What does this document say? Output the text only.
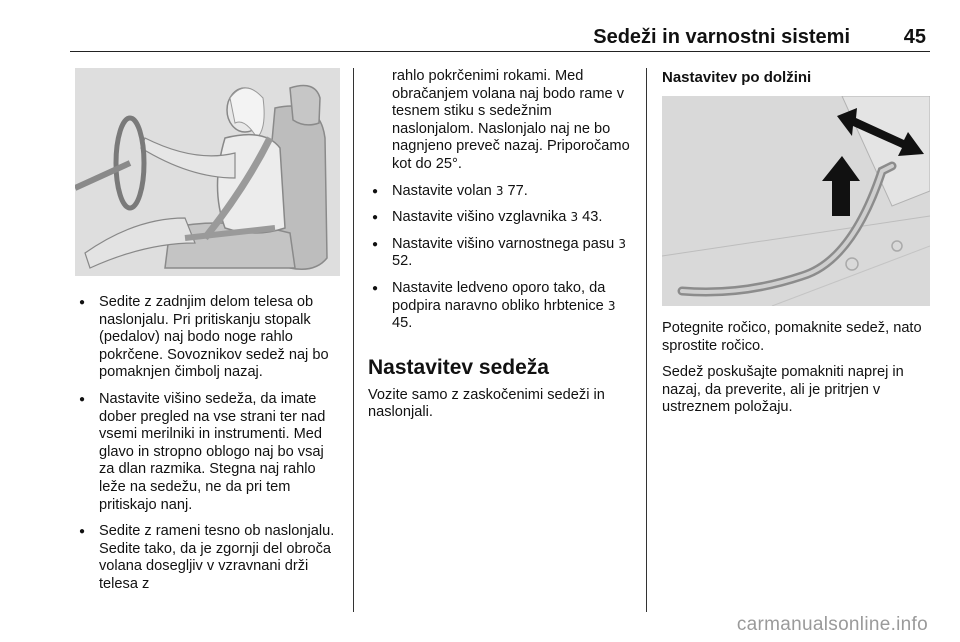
Sedeži in varnostni sistemi	45
● Sedite z zadnjim delom telesa ob naslonjalu. Pri pritiskanju stopalk (pedalov) naj bodo noge rahlo pokrčene. Sovoznikov sedež naj bo pomaknjen čimbolj nazaj.
● Nastavite višino sedeža, da imate dober pregled na vse strani ter nad vsemi merilniki in instrumenti. Med glavo in stropno oblogo naj bo vsaj za dlan razmika. Stegna naj rahlo leže na sedežu, ne da pri tem pritiskajo nanj.
● Sedite z rameni tesno ob naslonjalu. Sedite tako, da je zgornji del obroča volana dosegljiv v vzravnani drži telesa z
rahlo pokrčenimi rokami. Med obračanjem volana naj bodo rame v tesnem stiku s sedežnim naslonjalom. Naslonjalo naj ne bo nagnjeno preveč nazaj. Priporočamo kot do 25°.
● Nastavite volan 3 77.
● Nastavite višino vzglavnika 3 43.
● Nastavite višino varnostnega pasu 3 52.
● Nastavite ledveno oporo tako, da podpira naravno obliko hrbtenice 3 45.
Nastavitev sedeža

Vozite samo z zaskočenimi sedeži in naslonjali.

Nastavitev po dolžini

Potegnite ročico, pomaknite sedež, nato sprostite ročico.

Sedež poskušajte pomakniti naprej in nazaj, da preverite, ali je pritrjen v ustreznem položaju.

carmanualsonline.info
